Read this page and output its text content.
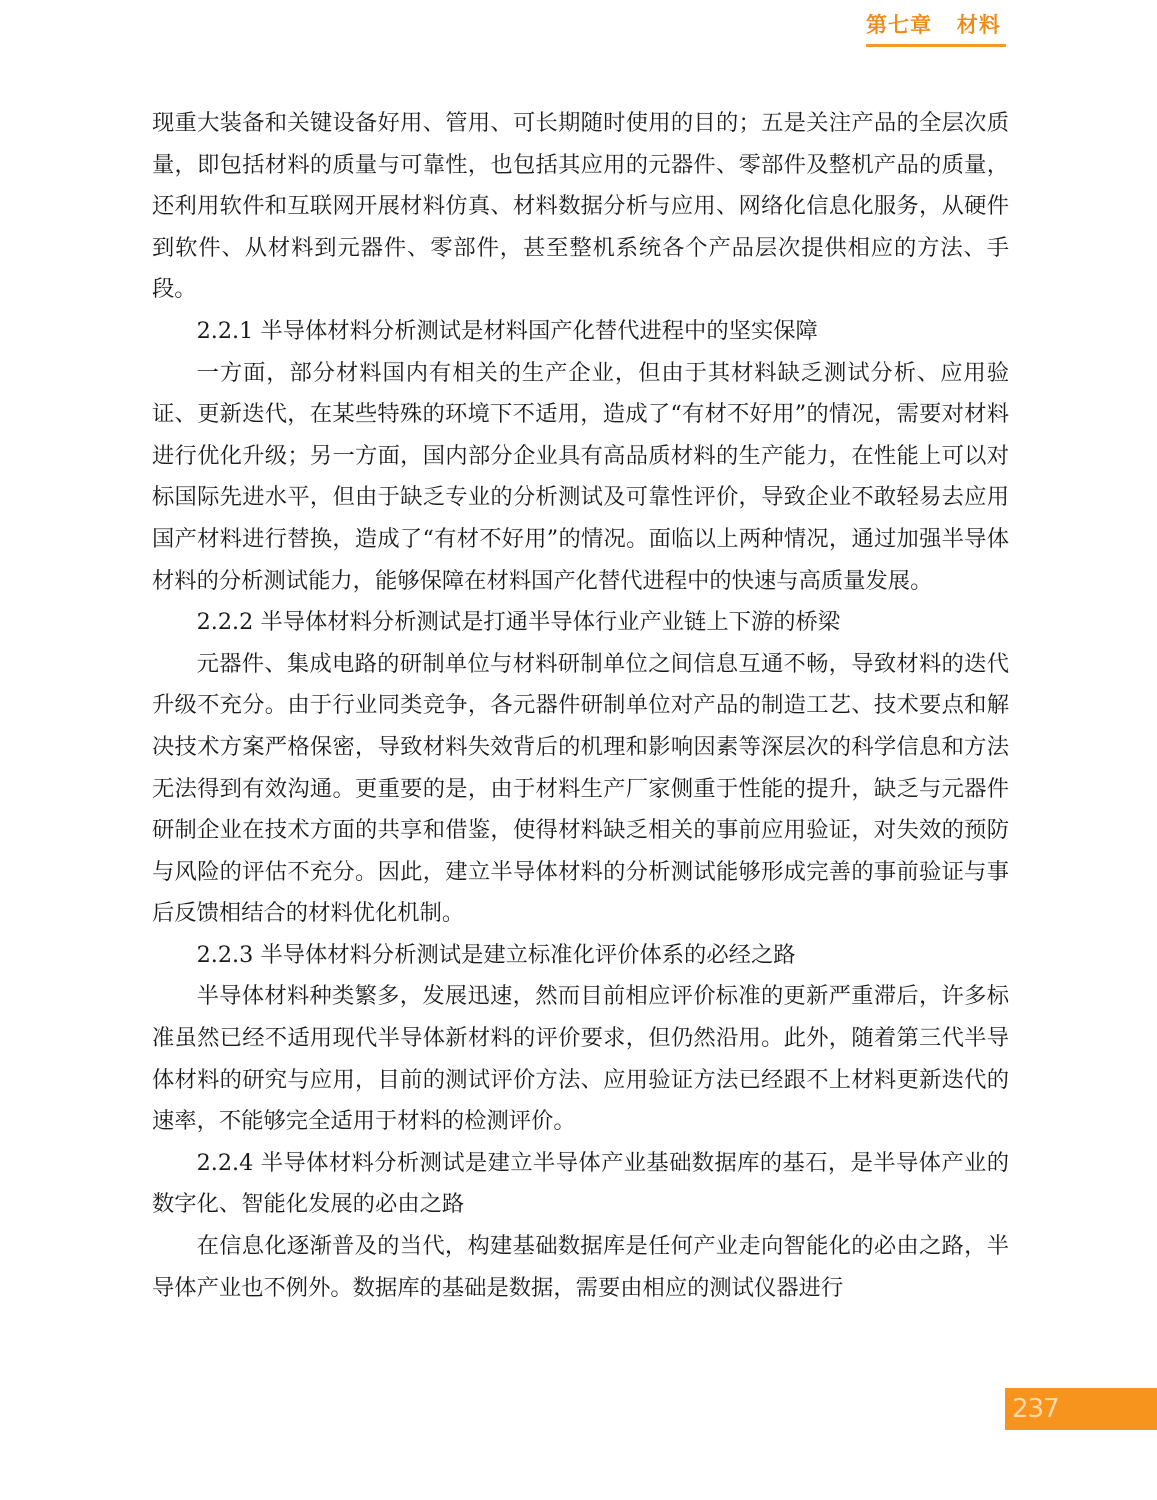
第七章   材料

现重大装备和关键设备好用、管用、可长期随时使用的目的；五是关注产品的全层次质量，即包括材料的质量与可靠性，也包括其应用的元器件、零部件及整机产品的质量，还利用软件和互联网开展材料仿真、材料数据分析与应用、网络化信息化服务，从硬件到软件、从材料到元器件、零部件，甚至整机系统各个产品层次提供相应的方法、手段。

2.2.1 半导体材料分析测试是材料国产化替代进程中的坚实保障

一方面，部分材料国内有相关的生产企业，但由于其材料缺乏测试分析、应用验证、更新迭代，在某些特殊的环境下不适用，造成了“有材不好用”的情况，需要对材料进行优化升级；另一方面，国内部分企业具有高品质材料的生产能力，在性能上可以对标国际先进水平，但由于缺乏专业的分析测试及可靠性评价，导致企业不敢轻易去应用国产材料进行替换，造成了“有材不好用”的情况。面临以上两种情况，通过加强半导体材料的分析测试能力，能够保障在材料国产化替代进程中的快速与高质量发展。

2.2.2 半导体材料分析测试是打通半导体行业产业链上下游的桥梁

元器件、集成电路的研制单位与材料研制单位之间信息互通不畅，导致材料的迭代升级不充分。由于行业同类竞争，各元器件研制单位对产品的制造工艺、技术要点和解决技术方案严格保密，导致材料失效背后的机理和影响因素等深层次的科学信息和方法无法得到有效沟通。更重要的是，由于材料生产厂家侧重于性能的提升，缺乏与元器件研制企业在技术方面的共享和借鉴，使得材料缺乏相关的事前应用验证，对失效的预防与风险的评估不充分。因此，建立半导体材料的分析测试能够形成完善的事前验证与事后反馈相结合的材料优化机制。

2.2.3 半导体材料分析测试是建立标准化评价体系的必经之路

半导体材料种类繁多，发展迅速，然而目前相应评价标准的更新严重滞后，许多标准虽然已经不适用现代半导体新材料的评价要求，但仍然沿用。此外，随着第三代半导体材料的研究与应用，目前的测试评价方法、应用验证方法已经跟不上材料更新迭代的速率，不能够完全适用于材料的检测评价。

2.2.4 半导体材料分析测试是建立半导体产业基础数据库的基石，是半导体产业的数字化、智能化发展的必由之路

在信息化逐渐普及的当代，构建基础数据库是任何产业走向智能化的必由之路，半导体产业也不例外。数据库的基础是数据，需要由相应的测试仪器进行

237
